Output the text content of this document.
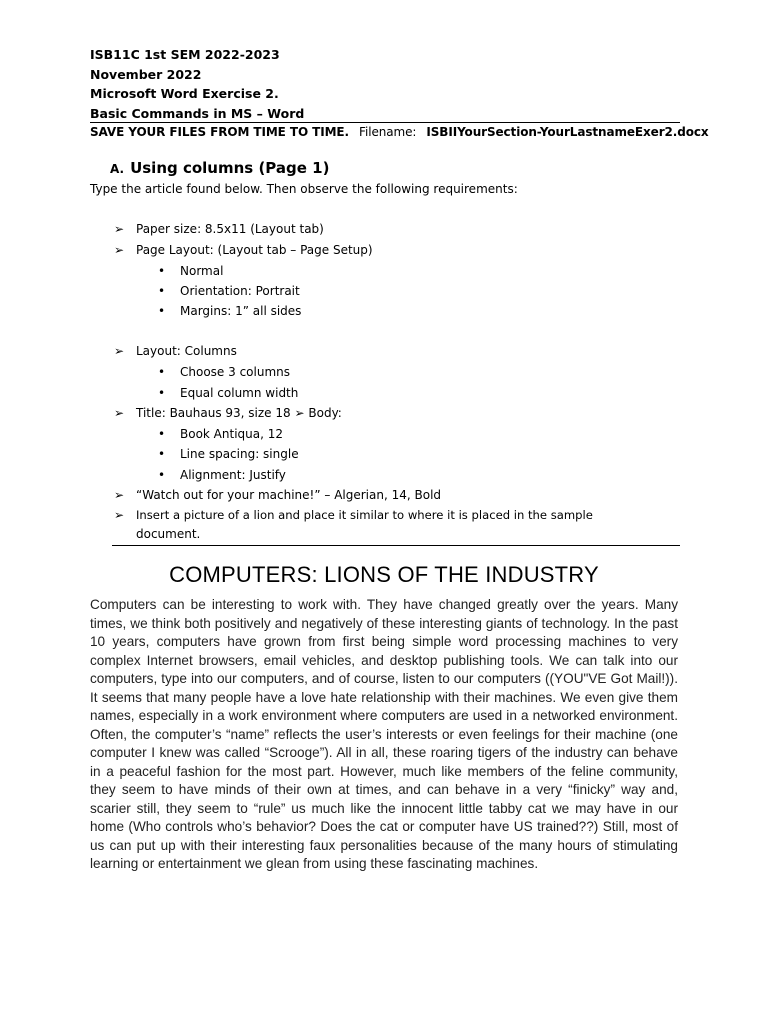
ISB11C 1st SEM 2022-2023
November 2022
Microsoft Word Exercise 2.
Basic Commands in MS – Word
SAVE YOUR FILES FROM TIME TO TIME. Filename: ISBIIYourSection-YourLastnameExer2.docx
A. Using columns (Page 1)
Type the article found below. Then observe the following requirements:
➢ Paper size: 8.5x11 (Layout tab)
➢ Page Layout: (Layout tab – Page Setup)
• Normal
• Orientation: Portrait
• Margins: 1” all sides
➢ Layout: Columns
• Choose 3 columns
• Equal column width
➢ Title: Bauhaus 93, size 18 ➢ Body:
• Book Antiqua, 12
• Line spacing: single
• Alignment: Justify
➢ “Watch out for your machine!” – Algerian, 14, Bold
➢ Insert a picture of a lion and place it similar to where it is placed in the sample
document.
COMPUTERS: LIONS OF THE INDUSTRY
Computers can be interesting to work with. They have changed greatly over the years. Many times, we think both positively and negatively of these interesting giants of technology. In the past 10 years, computers have grown from first being simple word processing machines to very complex Internet browsers, email vehicles, and desktop publishing tools. We can talk into our computers, type into our computers, and of course, listen to our computers ((YOU"VE Got Mail!)). It seems that many people have a love hate relationship with their machines. We even give them names, especially in a work environment where computers are used in a networked environment. Often, the computer’s “name” reflects the user’s interests or even feelings for their machine (one computer I knew was called “Scrooge”). All in all, these roaring tigers of the industry can behave in a peaceful fashion for the most part. However, much like members of the feline community, they seem to have minds of their own at times, and can behave in a very “finicky” way and, scarier still, they seem to “rule” us much like the innocent little tabby cat we may have in our home (Who controls who’s behavior? Does the cat or computer have US trained??) Still, most of us can put up with their interesting faux personalities because of the many hours of stimulating learning or entertainment we glean from using these fascinating machines.
